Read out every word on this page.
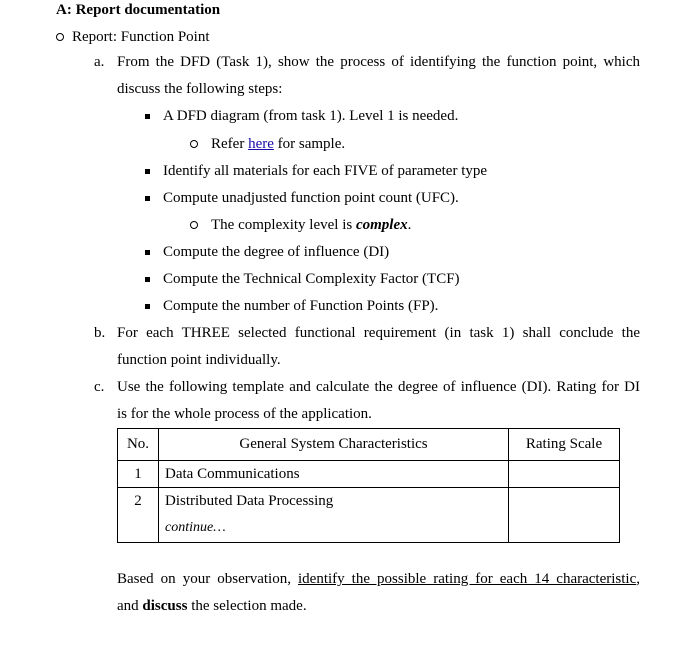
A: Report documentation
Report: Function Point
a. From the DFD (Task 1), show the process of identifying the function point, which
discuss the following steps:
A DFD diagram (from task 1). Level 1 is needed.
Refer here for sample.
Identify all materials for each FIVE of parameter type
Compute unadjusted function point count (UFC).
The complexity level is complex.
Compute the degree of influence (DI)
Compute the Technical Complexity Factor (TCF)
Compute the number of Function Points (FP).
b. For each THREE selected functional requirement (in task 1) shall conclude the
function point individually.
c. Use the following template and calculate the degree of influence (DI). Rating for DI
is for the whole process of the application.
No.	General System Characteristics	Rating Scale
1	Data Communications	
2	Distributed Data Processing
continue…	

Based on your observation, identify the possible rating for each 14 characteristic,
and discuss the selection made.
